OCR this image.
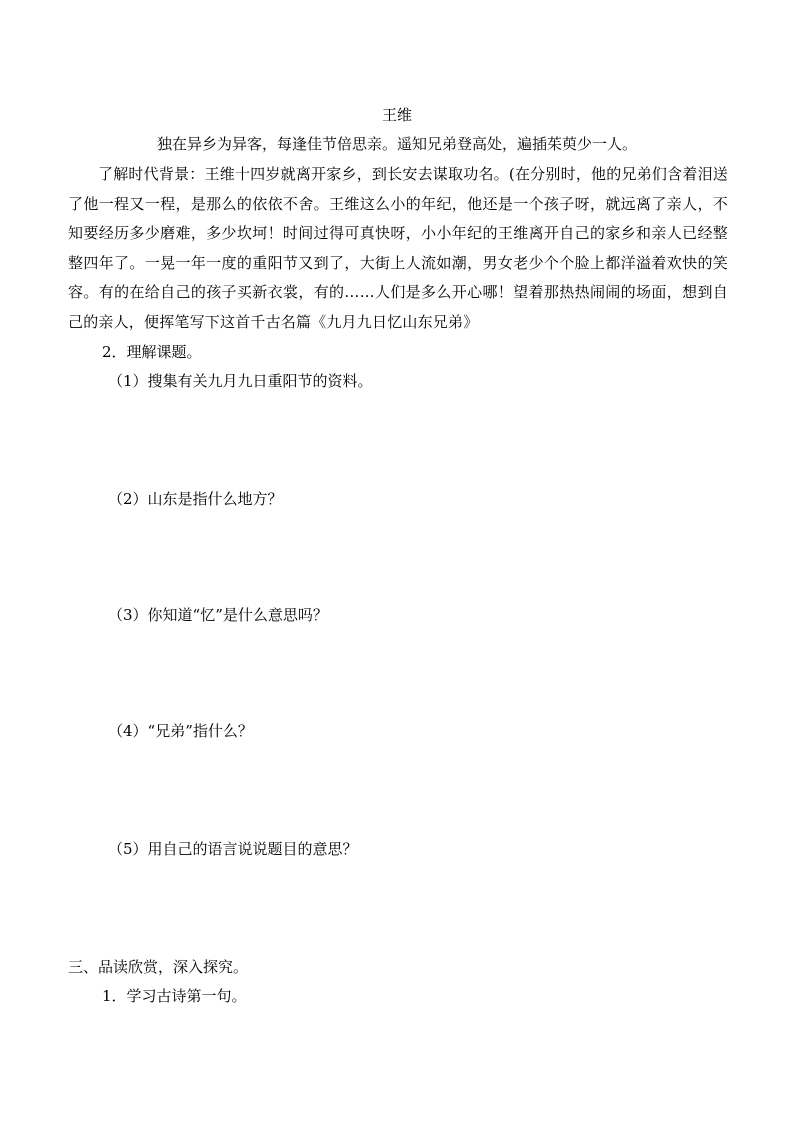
王维
独在异乡为异客，每逢佳节倍思亲。遥知兄弟登高处，遍插茱萸少一人。
了解时代背景：王维十四岁就离开家乡，到长安去谋取功名。(在分别时，他的兄弟们含着泪送了他一程又一程，是那么的依依不舍。王维这么小的年纪，他还是一个孩子呀，就远离了亲人，不知要经历多少磨难，多少坎坷！时间过得可真快呀，小小年纪的王维离开自己的家乡和亲人已经整整四年了。一晃一年一度的重阳节又到了，大街上人流如潮，男女老少个个脸上都洋溢着欢快的笑容。有的在给自己的孩子买新衣裳，有的……人们是多么开心哪！望着那热热闹闹的场面，想到自己的亲人，便挥笔写下这首千古名篇《九月九日忆山东兄弟》
2．理解课题。
（1）搜集有关九月九日重阳节的资料。
（2）山东是指什么地方？
（3）你知道“忆”是什么意思吗？
（4）“兄弟”指什么？
（5）用自己的语言说说题目的意思？
三、品读欣赏，深入探究。
1．学习古诗第一句。
